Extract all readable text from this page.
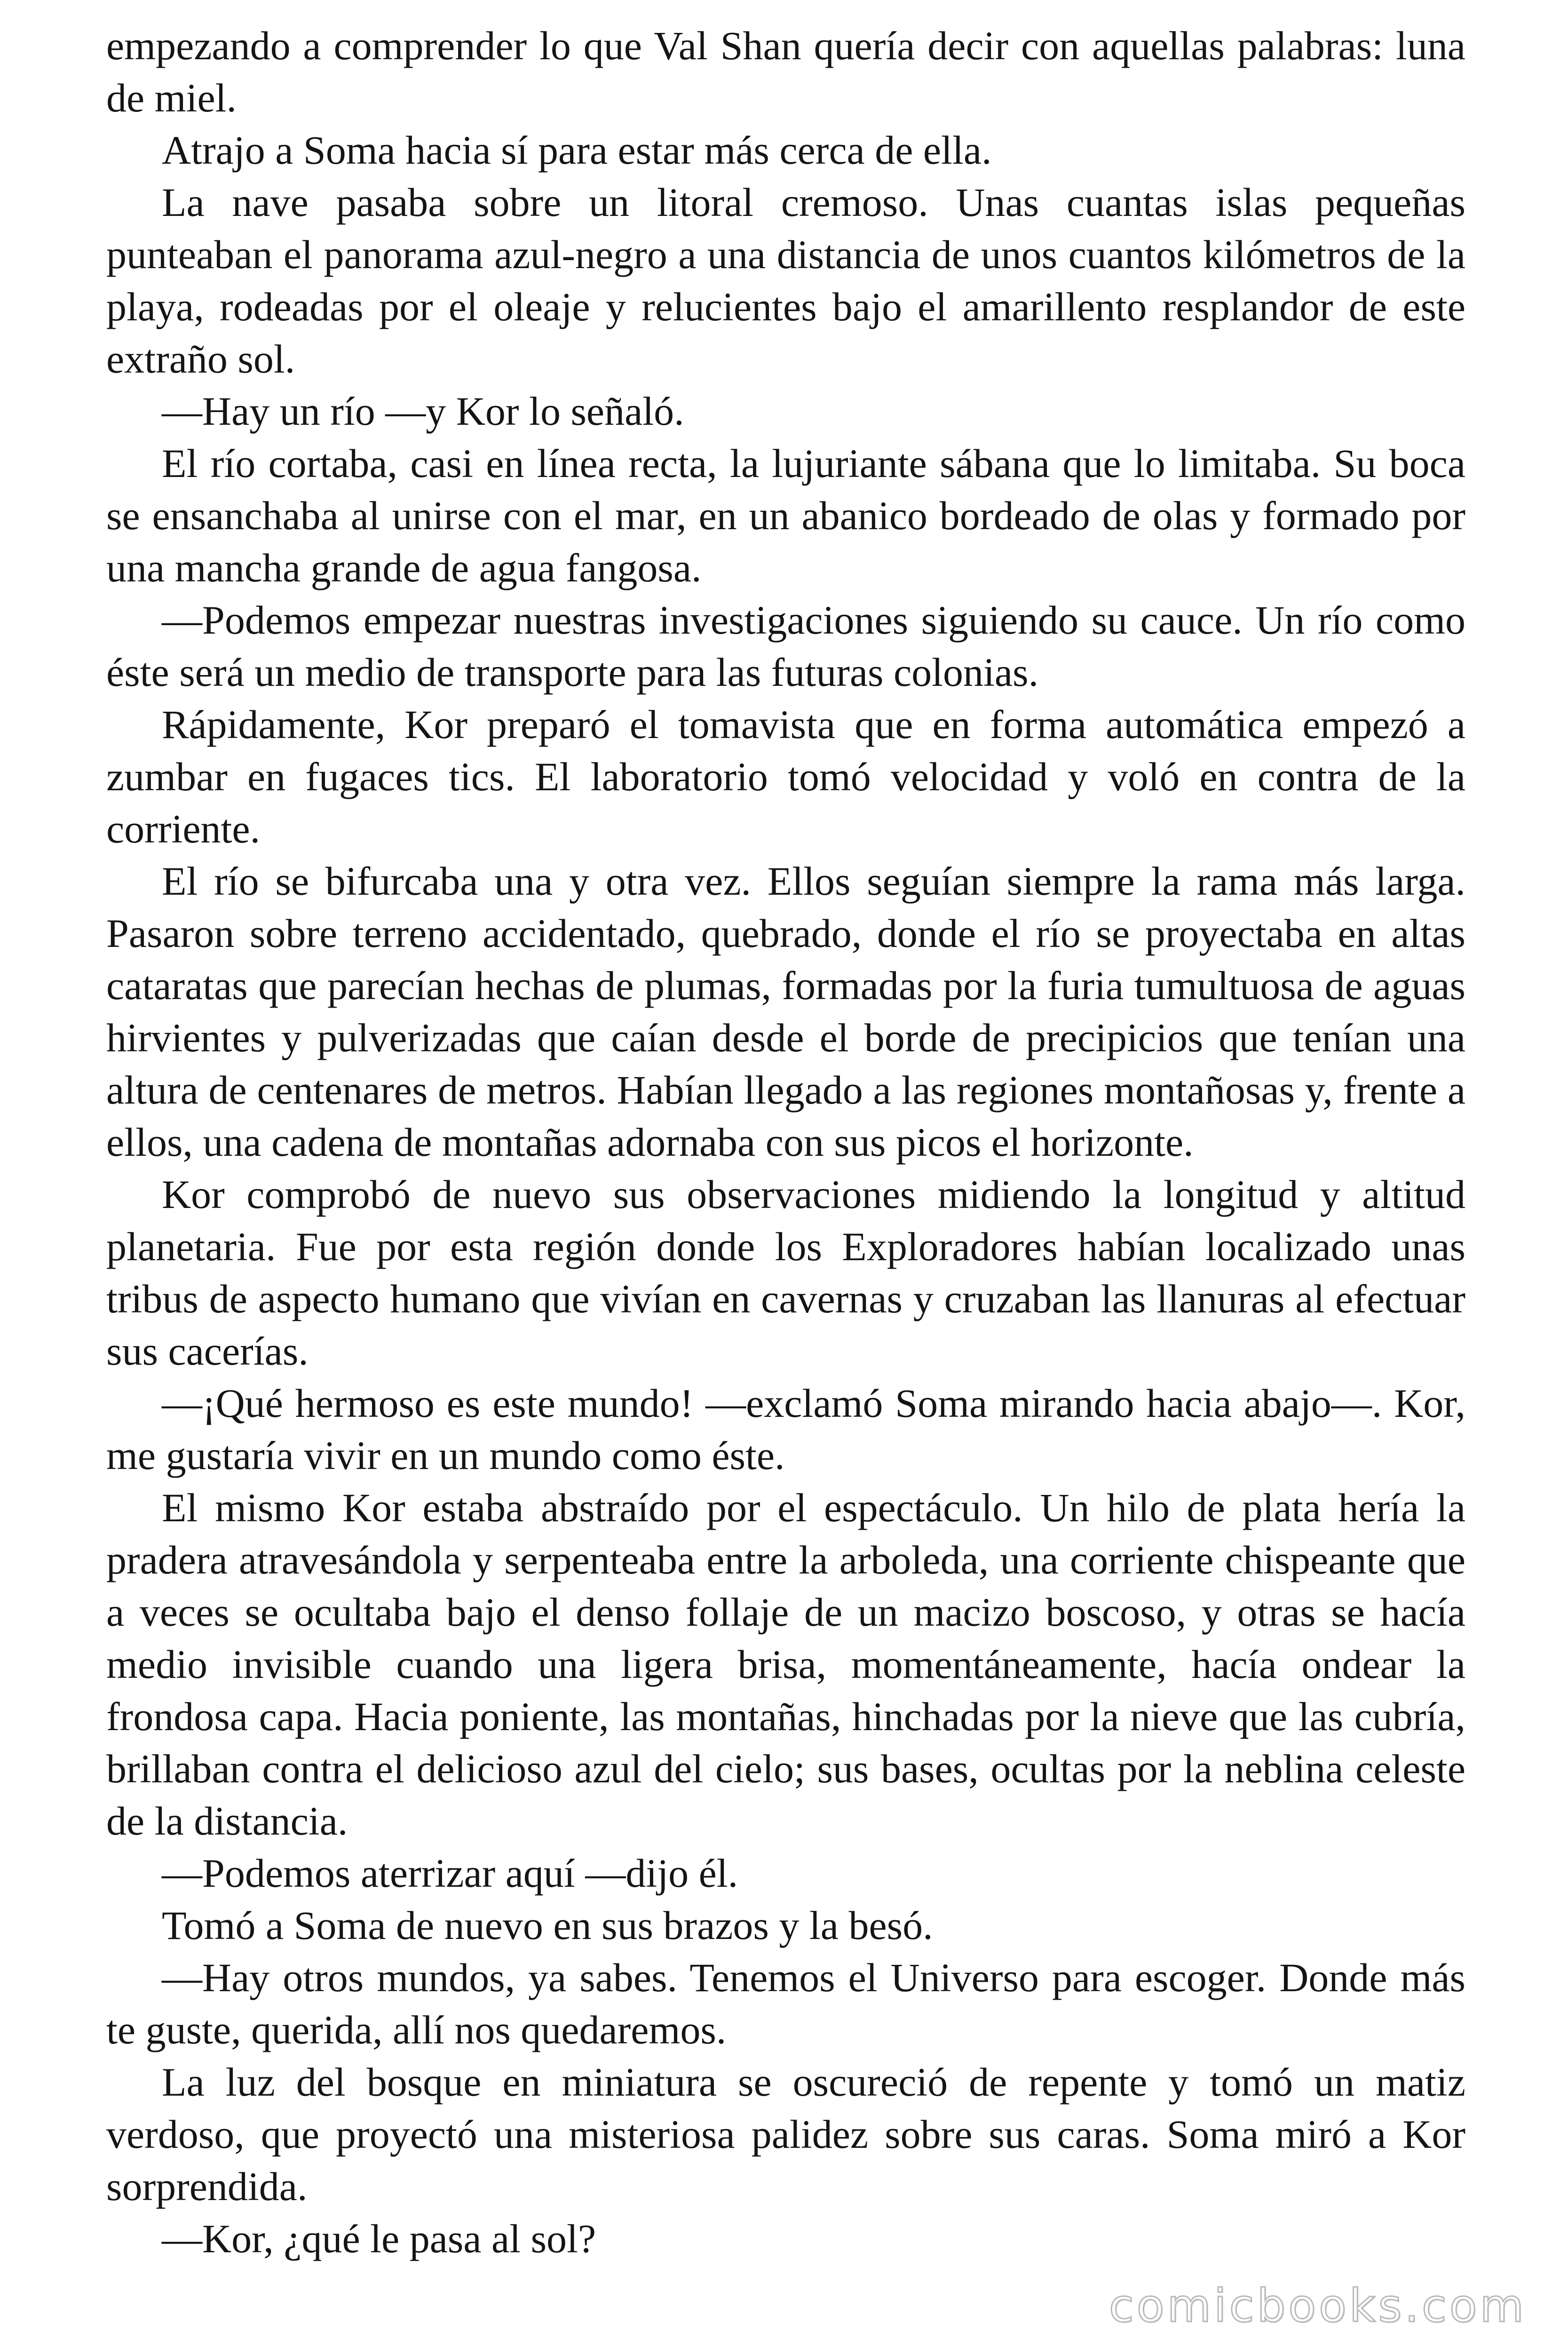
empezando a comprender lo que Val Shan quería decir con aquellas palabras: luna de miel.

Atrajo a Soma hacia sí para estar más cerca de ella.

La nave pasaba sobre un litoral cremoso. Unas cuantas islas pequeñas punteaban el panorama azul-negro a una distancia de unos cuantos kilómetros de la playa, rodeadas por el oleaje y relucientes bajo el amarillento resplandor de este extraño sol.

—Hay un río —y Kor lo señaló.

El río cortaba, casi en línea recta, la lujuriante sábana que lo limitaba. Su boca se ensanchaba al unirse con el mar, en un abanico bordeado de olas y formado por una mancha grande de agua fangosa.

—Podemos empezar nuestras investigaciones siguiendo su cauce. Un río como éste será un medio de transporte para las futuras colonias.

Rápidamente, Kor preparó el tomavista que en forma automática empezó a zumbar en fugaces tics. El laboratorio tomó velocidad y voló en contra de la corriente.

El río se bifurcaba una y otra vez. Ellos seguían siempre la rama más larga. Pasaron sobre terreno accidentado, quebrado, donde el río se proyectaba en altas cataratas que parecían hechas de plumas, formadas por la furia tumultuosa de aguas hirvientes y pulverizadas que caían desde el borde de precipicios que tenían una altura de centenares de metros. Habían llegado a las regiones montañosas y, frente a ellos, una cadena de montañas adornaba con sus picos el horizonte.

Kor comprobó de nuevo sus observaciones midiendo la longitud y altitud planetaria. Fue por esta región donde los Exploradores habían localizado unas tribus de aspecto humano que vivían en cavernas y cruzaban las llanuras al efectuar sus cacerías.

—¡Qué hermoso es este mundo! —exclamó Soma mirando hacia abajo—. Kor, me gustaría vivir en un mundo como éste.

El mismo Kor estaba abstraído por el espectáculo. Un hilo de plata hería la pradera atravesándola y serpenteaba entre la arboleda, una corriente chispeante que a veces se ocultaba bajo el denso follaje de un macizo boscoso, y otras se hacía medio invisible cuando una ligera brisa, momentáneamente, hacía ondear la frondosa capa. Hacia poniente, las montañas, hinchadas por la nieve que las cubría, brillaban contra el delicioso azul del cielo; sus bases, ocultas por la neblina celeste de la distancia.

—Podemos aterrizar aquí —dijo él.

Tomó a Soma de nuevo en sus brazos y la besó.

—Hay otros mundos, ya sabes. Tenemos el Universo para escoger. Donde más te guste, querida, allí nos quedaremos.

La luz del bosque en miniatura se oscureció de repente y tomó un matiz verdoso, que proyectó una misteriosa palidez sobre sus caras. Soma miró a Kor sorprendida.

—Kor, ¿qué le pasa al sol?

comicbooks.com
